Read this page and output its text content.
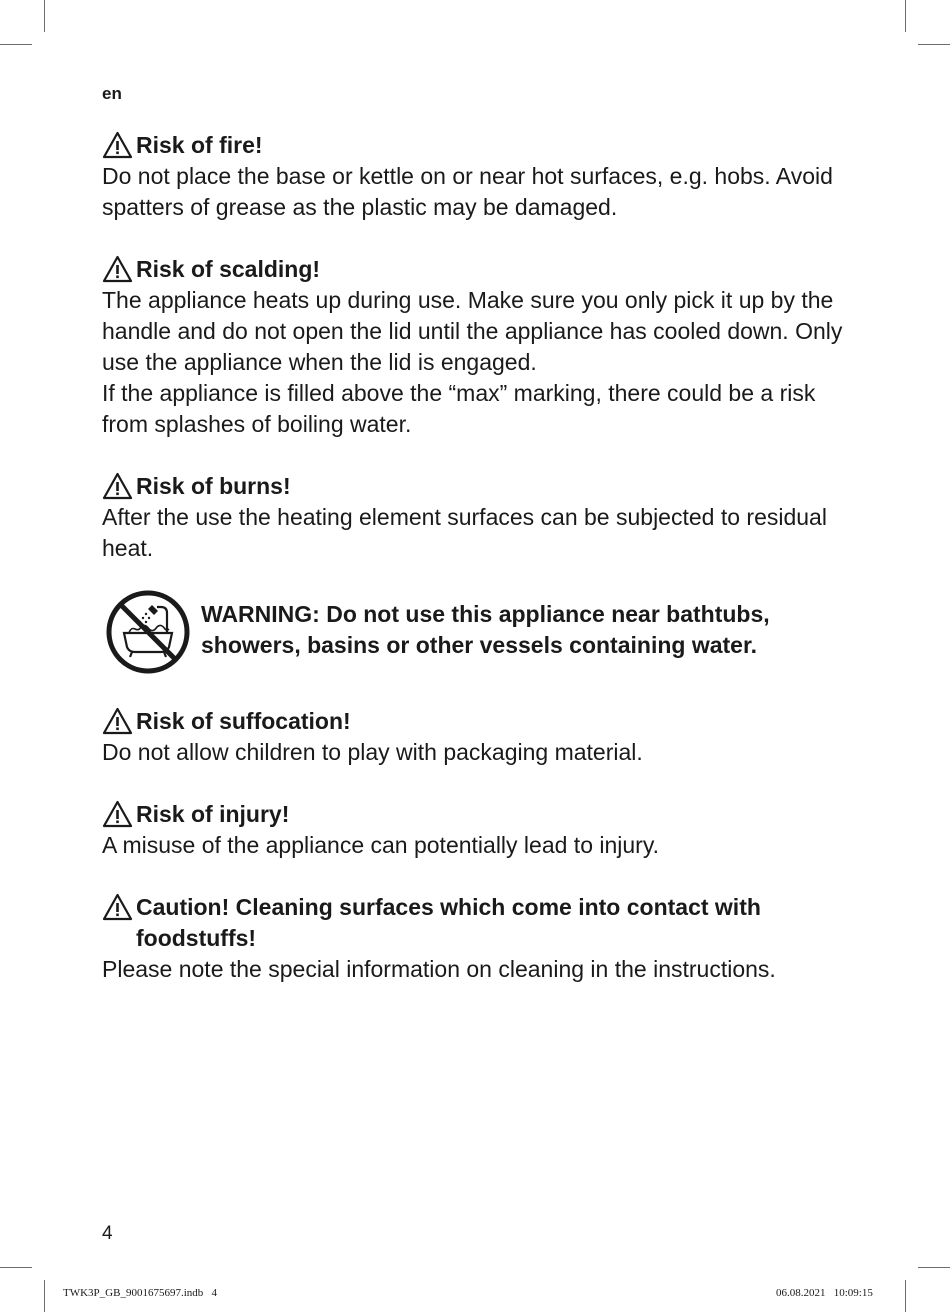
en
Risk of fire!
Do not place the base or kettle on or near hot surfaces, e.g. hobs. Avoid spatters of grease as the plastic may be damaged.
Risk of scalding!
The appliance heats up during use. Make sure you only pick it up by the handle and do not open the lid until the appliance has cooled down. Only use the appliance when the lid is engaged.
If the appliance is filled above the “max” marking, there could be a risk from splashes of boiling water.
Risk of burns!
After the use the heating element surfaces can be subjected to residual heat.
WARNING: Do not use this appliance near bathtubs, showers, basins or other vessels containing water.
Risk of suffocation!
Do not allow children to play with packaging material.
Risk of injury!
A misuse of the appliance can potentially lead to injury.
Caution! Cleaning surfaces which come into contact with foodstuffs!
Please note the special information on cleaning in the instructions.
4
TWK3P_GB_9001675697.indb   4	06.08.2021   10:09:15
